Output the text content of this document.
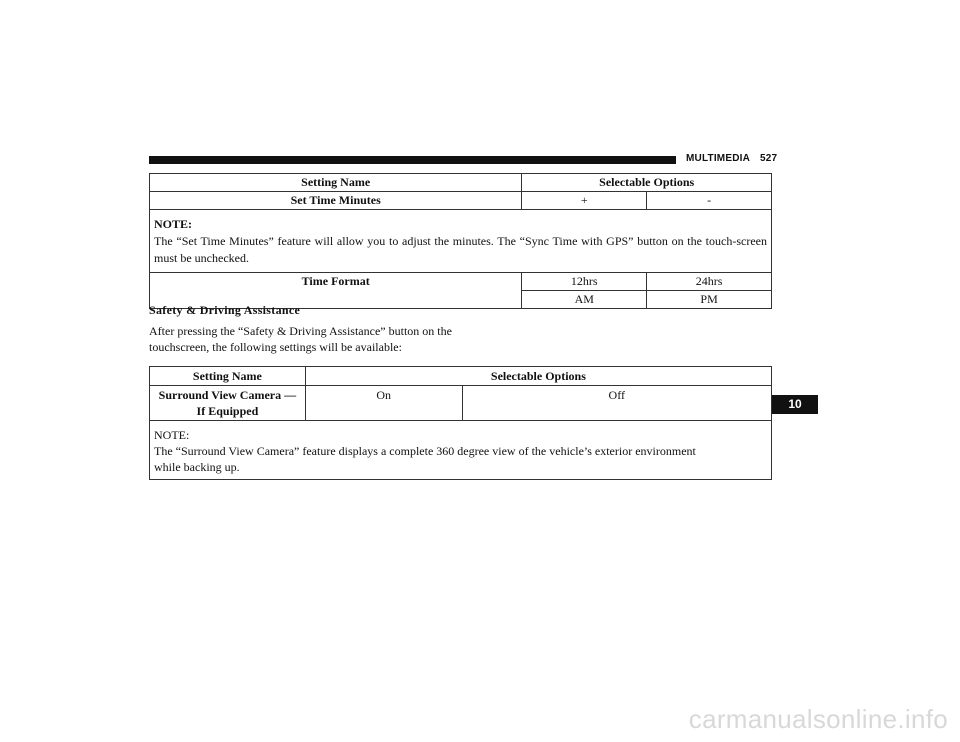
MULTIMEDIA 527
Setting Name	Selectable Options	
Set Time Minutes	+	-

NOTE:
The “Set Time Minutes” feature will allow you to adjust the minutes. The “Sync Time with GPS” button on the touch-screen must be unchecked.		
Time Format	12hrs	24hrs
	AM	PM
Safety & Driving Assistance
After pressing the “Safety & Driving Assistance” button on the touchscreen, the following settings will be available:
Setting Name	Selectable Options	
Surround View Camera —
If Equipped	On	Off

NOTE:
The “Surround View Camera” feature displays a complete 360 degree view of the vehicle’s exterior environment
while backing up.		
10
carmanualsonline.info
